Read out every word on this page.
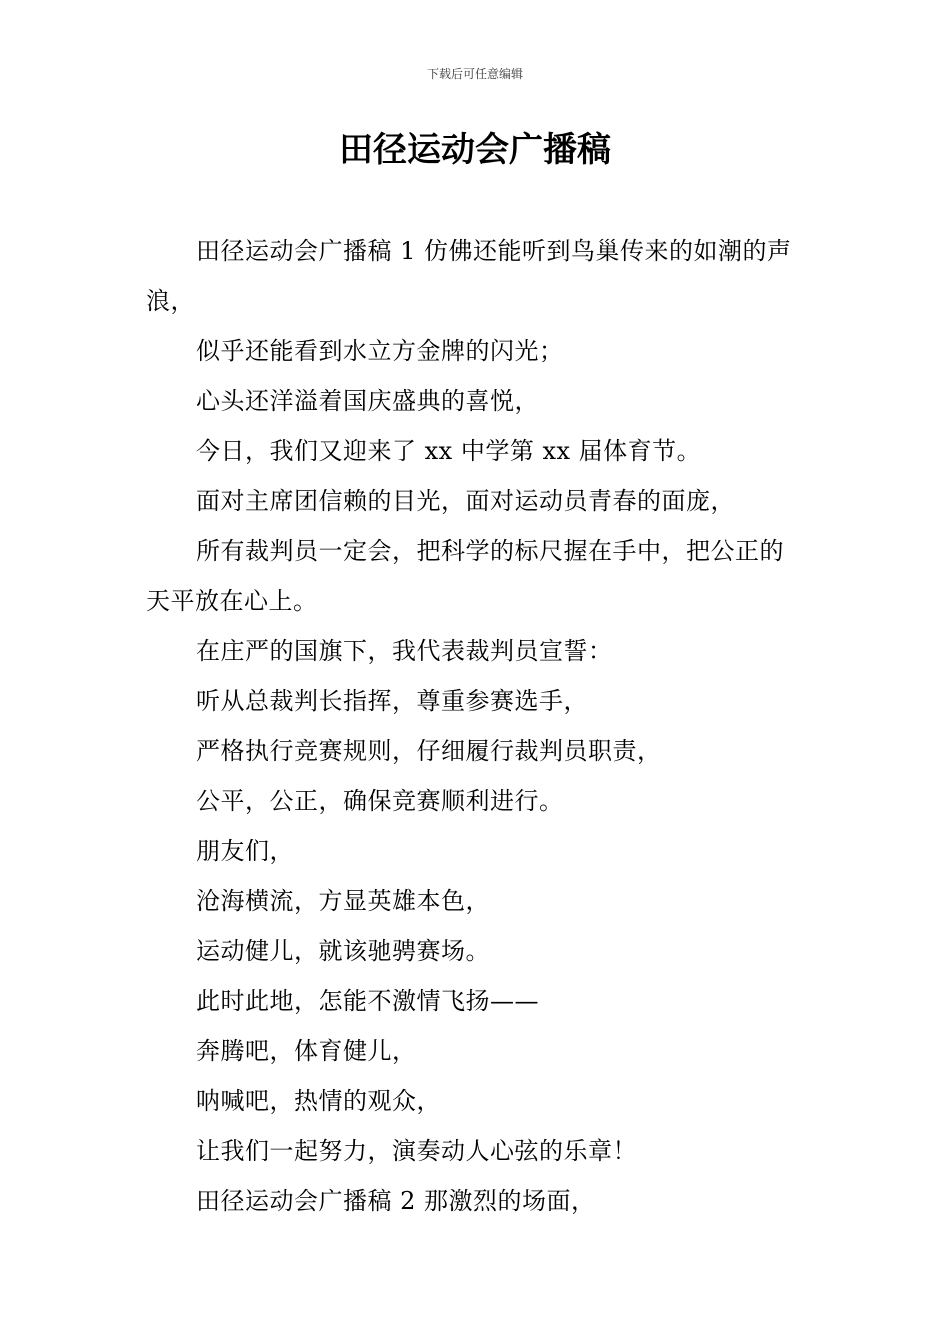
下载后可任意编辑
田径运动会广播稿

田径运动会广播稿 1 仿佛还能听到鸟巢传来的如潮的声浪，

似乎还能看到水立方金牌的闪光；

心头还洋溢着国庆盛典的喜悦，

今日，我们又迎来了 xx 中学第 xx 届体育节。

面对主席团信赖的目光，面对运动员青春的面庞，

所有裁判员一定会，把科学的标尺握在手中，把公正的天平放在心上。

在庄严的国旗下，我代表裁判员宣誓：

听从总裁判长指挥，尊重参赛选手，

严格执行竞赛规则，仔细履行裁判员职责，

公平，公正，确保竞赛顺利进行。

朋友们，

沧海横流，方显英雄本色，

运动健儿，就该驰骋赛场。

此时此地，怎能不激情飞扬——

奔腾吧，体育健儿，

呐喊吧，热情的观众，

让我们一起努力，演奏动人心弦的乐章！

田径运动会广播稿 2 那激烈的场面，
